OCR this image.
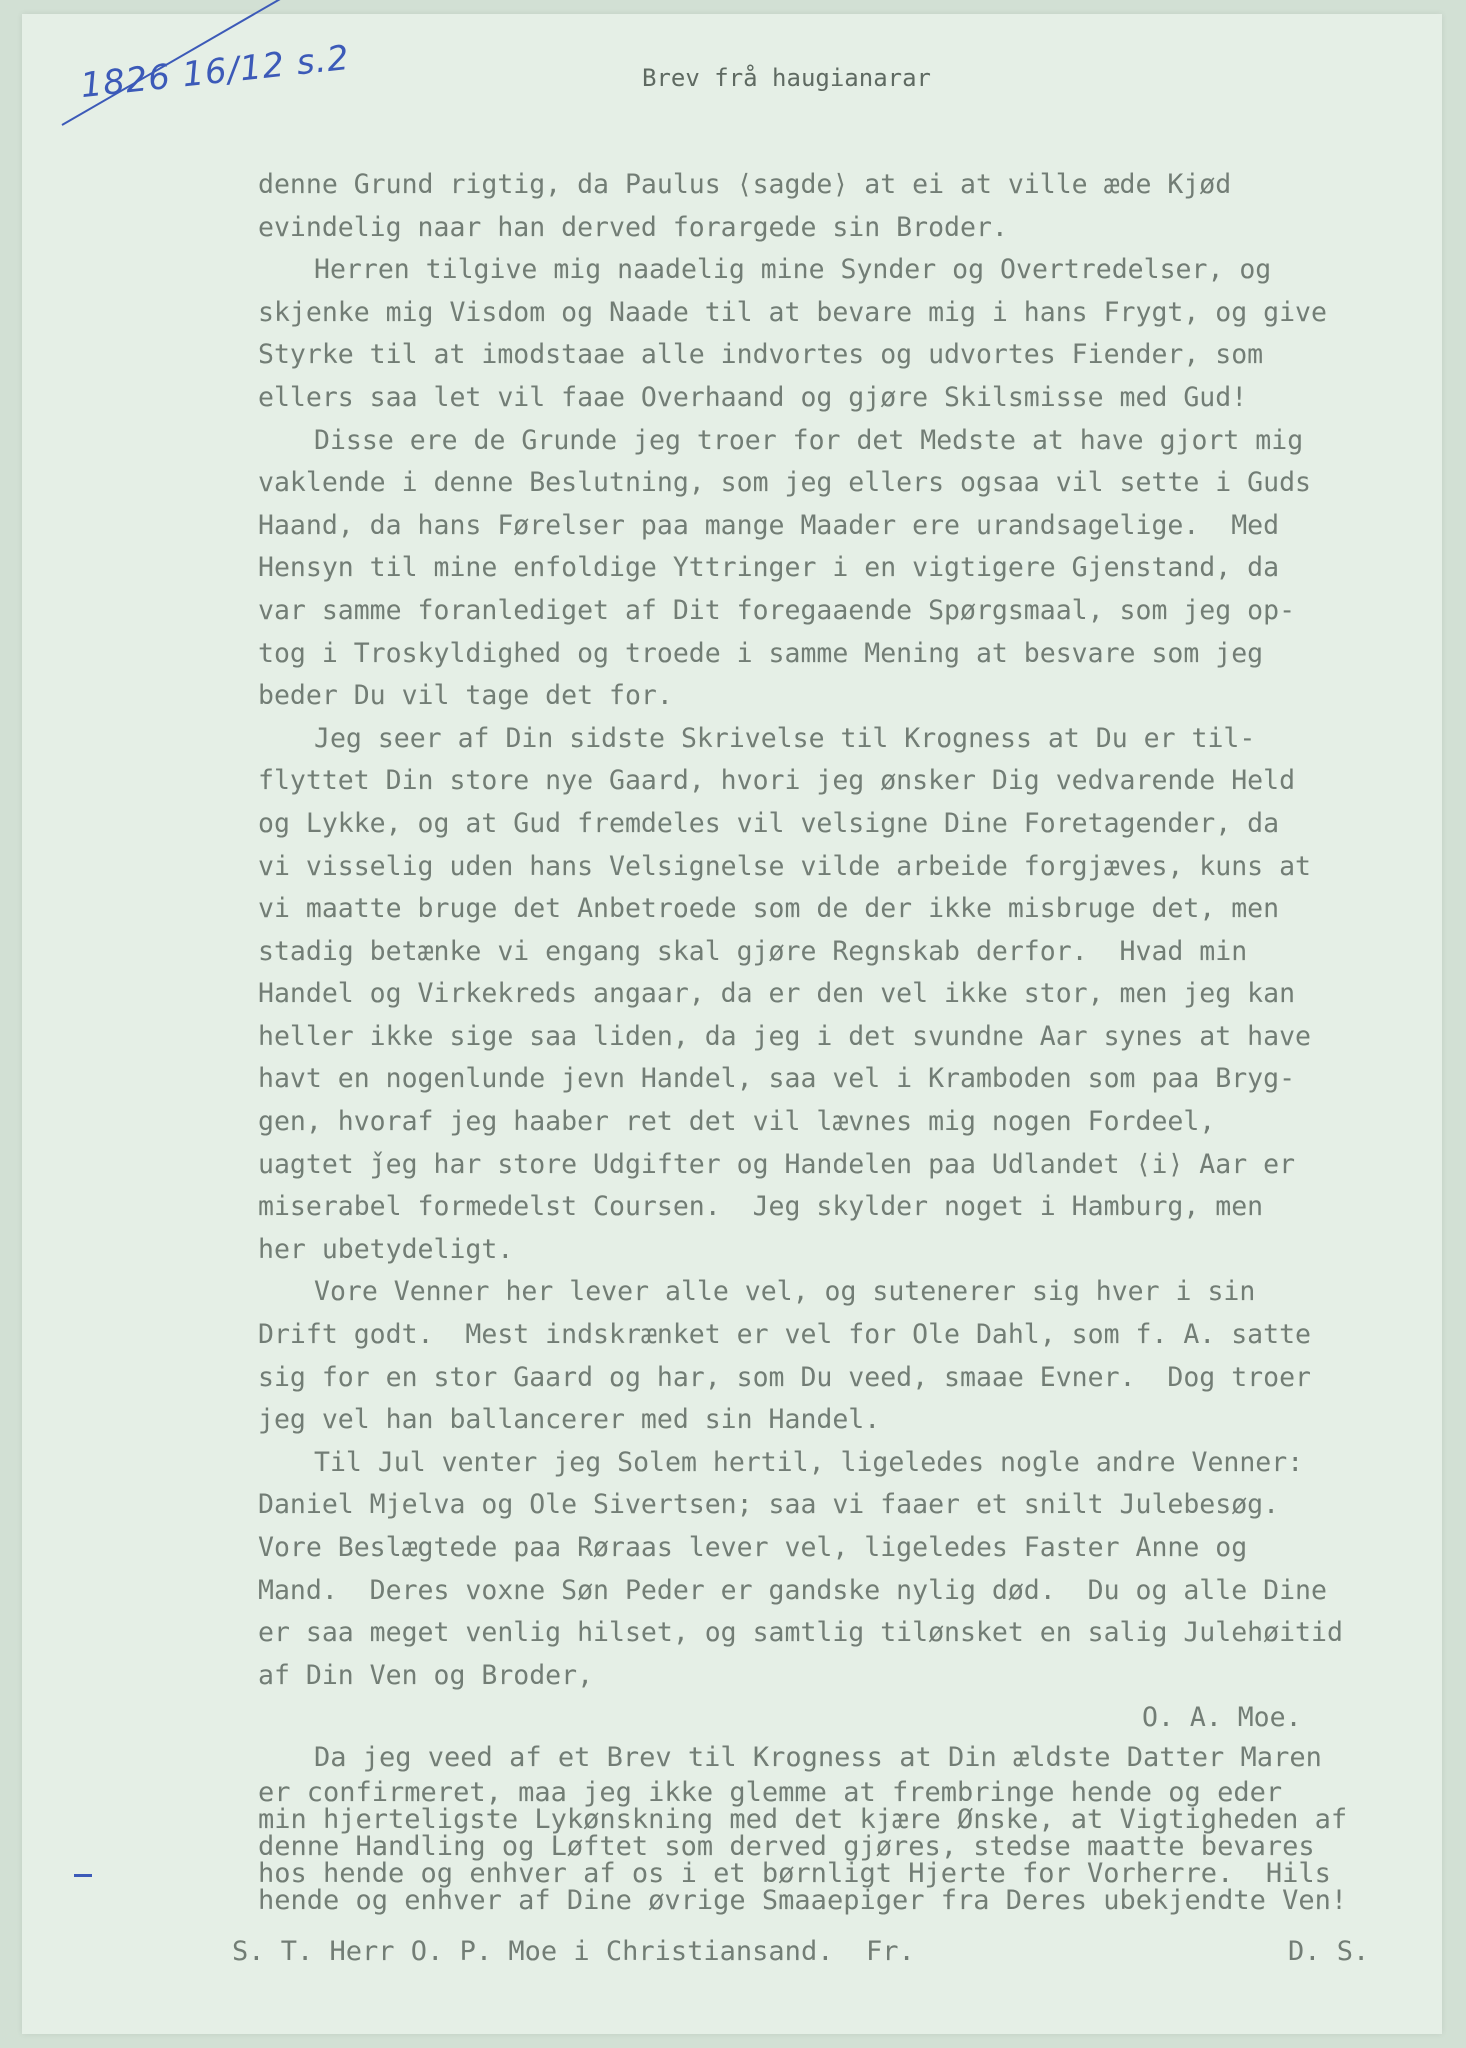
1826 16/12 s.2	Brev frå haugianarar
denne Grund rigtig, da Paulus ⟨sagde⟩ at ei at ville æde Kjød
evindelig naar han derved forargede sin Broder.
Herren tilgive mig naadelig mine Synder og Overtredelser, og
skjenke mig Visdom og Naade til at bevare mig i hans Frygt, og give
Styrke til at imodstaae alle indvortes og udvortes Fiender, som
ellers saa let vil faae Overhaand og gjøre Skilsmisse med Gud!
Disse ere de Grunde jeg troer for det Medste at have gjort mig
vaklende i denne Beslutning, som jeg ellers ogsaa vil sette i Guds
Haand, da hans Førelser paa mange Maader ere urandsagelige.  Med
Hensyn til mine enfoldige Yttringer i en vigtigere Gjenstand, da
var samme foranlediget af Dit foregaaende Spørgsmaal, som jeg op-
tog i Troskyldighed og troede i samme Mening at besvare som jeg
beder Du vil tage det for.
Jeg seer af Din sidste Skrivelse til Krogness at Du er til-
flyttet Din store nye Gaard, hvori jeg ønsker Dig vedvarende Held
og Lykke, og at Gud fremdeles vil velsigne Dine Foretagender, da
vi visselig uden hans Velsignelse vilde arbeide forgjæves, kuns at
vi maatte bruge det Anbetroede som de der ikke misbruge det, men
stadig betænke vi engang skal gjøre Regnskab derfor.  Hvad min
Handel og Virkekreds angaar, da er den vel ikke stor, men jeg kan
heller ikke sige saa liden, da jeg i det svundne Aar synes at have
havt en nogenlunde jevn Handel, saa vel i Kramboden som paa Bryg-
gen, hvoraf jeg haaber ret det vil lævnes mig nogen Fordeel,
uagtet ǰeg har store Udgifter og Handelen paa Udlandet ⟨i⟩ Aar er
miserabel formedelst Coursen.  Jeg skylder noget i Hamburg, men
her ubetydeligt.
Vore Venner her lever alle vel, og sutenerer sig hver i sin
Drift godt.  Mest indskrænket er vel for Ole Dahl, som f. A. satte
sig for en stor Gaard og har, som Du veed, smaae Evner.  Dog troer
jeg vel han ballancerer med sin Handel.
Til Jul venter jeg Solem hertil, ligeledes nogle andre Venner:
Daniel Mjelva og Ole Sivertsen; saa vi faaer et snilt Julebesøg.
Vore Beslægtede paa Røraas lever vel, ligeledes Faster Anne og
Mand.  Deres voxne Søn Peder er gandske nylig død.  Du og alle Dine
er saa meget venlig hilset, og samtlig tilønsket en salig Julehøitid
af Din Ven og Broder,
O. A. Moe.
Da jeg veed af et Brev til Krogness at Din ældste Datter Maren
er confirmeret, maa jeg ikke glemme at frembringe hende og eder
min hjerteligste Lykønskning med det kjære Ønske, at Vigtigheden af
denne Handling og Løftet som derved gjøres, stedse maatte bevares
hos hende og enhver af os i et børnligt Hjerte for Vorherre.  Hils
hende og enhver af Dine øvrige Smaaepiger fra Deres ubekjendte Ven!
S. T. Herr O. P. Moe i Christiansand.  Fr.	D. S.
